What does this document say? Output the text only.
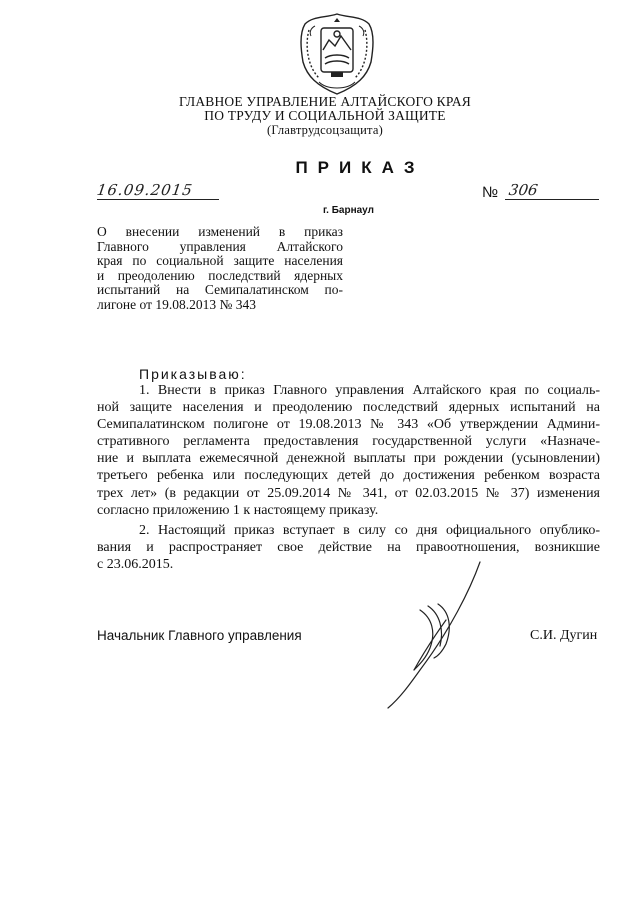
ГЛАВНОЕ УПРАВЛЕНИЕ АЛТАЙСКОГО КРАЯ
ПО ТРУДУ И СОЦИАЛЬНОЙ ЗАЩИТЕ
(Главтрудсоцзащита)
ПРИКАЗ
16.09.2015	№ 306
г. Барнаул
О внесении изменений в приказ
Главного управления Алтайского
края по социальной защите населения
и преодолению последствий ядерных
испытаний на Семипалатинском по-
лигоне от 19.08.2013 № 343
Приказываю:
1. Внести в приказ Главного управления Алтайского края по социаль-
ной защите населения и преодолению последствий ядерных испытаний на
Семипалатинском полигоне от 19.08.2013 № 343 «Об утверждении Админи-
стративного регламента предоставления государственной услуги «Назначе-
ние и выплата ежемесячной денежной выплаты при рождении (усыновлении)
третьего ребенка или последующих детей до достижения ребенком возраста
трех лет» (в редакции от 25.09.2014 № 341, от 02.03.2015 № 37) изменения
согласно приложению 1 к настоящему приказу.
2. Настоящий приказ вступает в силу со дня официального опублико-
вания и распространяет свое действие на правоотношения, возникшие
с 23.06.2015.
Начальник Главного управления	С.И. Дугин
